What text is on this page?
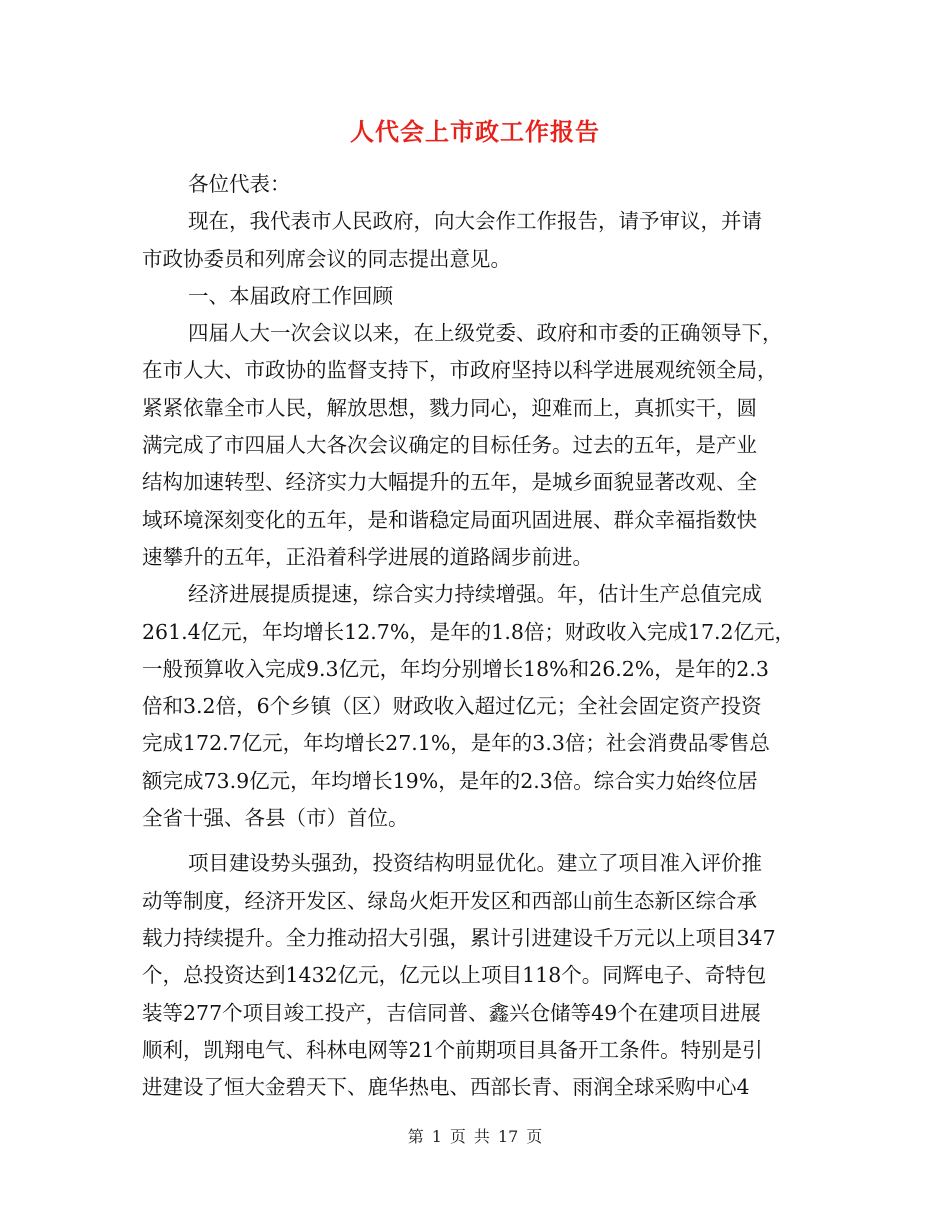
人代会上市政工作报告
各位代表：
现在，我代表市人民政府，向大会作工作报告，请予审议，并请
市政协委员和列席会议的同志提出意见。
一、本届政府工作回顾
四届人大一次会议以来，在上级党委、政府和市委的正确领导下，
在市人大、市政协的监督支持下，市政府坚持以科学进展观统领全局，
紧紧依靠全市人民，解放思想，戮力同心，迎难而上，真抓实干，圆
满完成了市四届人大各次会议确定的目标任务。过去的五年，是产业
结构加速转型、经济实力大幅提升的五年，是城乡面貌显著改观、全
域环境深刻变化的五年，是和谐稳定局面巩固进展、群众幸福指数快
速攀升的五年，正沿着科学进展的道路阔步前进。
经济进展提质提速，综合实力持续增强。年，估计生产总值完成
261.4亿元，年均增长12.7%，是年的1.8倍；财政收入完成17.2亿元，
一般预算收入完成9.3亿元，年均分别增长18%和26.2%，是年的2.3
倍和3.2倍，6个乡镇（区）财政收入超过亿元；全社会固定资产投资
完成172.7亿元，年均增长27.1%，是年的3.3倍；社会消费品零售总
额完成73.9亿元，年均增长19%，是年的2.3倍。综合实力始终位居
全省十强、各县（市）首位。
项目建设势头强劲，投资结构明显优化。建立了项目准入评价推
动等制度，经济开发区、绿岛火炬开发区和西部山前生态新区综合承
载力持续提升。全力推动招大引强，累计引进建设千万元以上项目347
个，总投资达到1432亿元，亿元以上项目118个。同辉电子、奇特包
装等277个项目竣工投产，吉信同普、鑫兴仓储等49个在建项目进展
顺利，凯翔电气、科林电网等21个前期项目具备开工条件。特别是引
进建设了恒大金碧天下、鹿华热电、西部长青、雨润全球采购中心4
第 1 页 共 17 页
